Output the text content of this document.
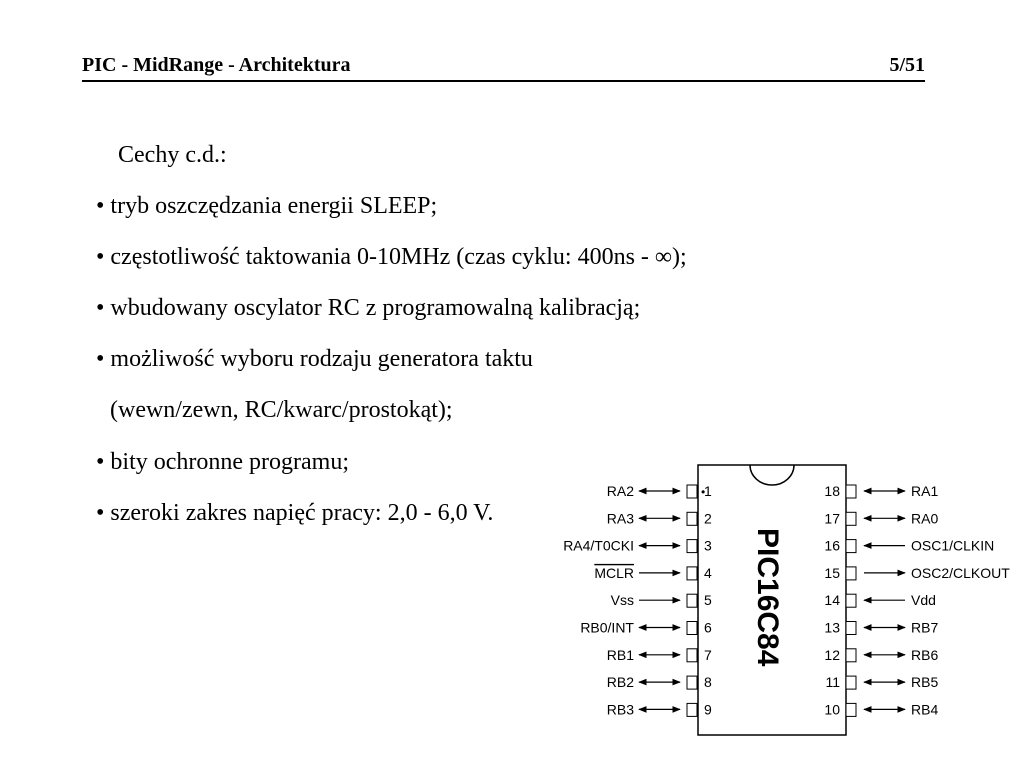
PIC - MidRange - Architektura	5/51
Cechy c.d.:
• tryb oszczędzania energii SLEEP;
• częstotliwość taktowania 0-10MHz (czas cyklu: 400ns - ∞);
• wbudowany oscylator RC z programowalną kalibracją;
• możliwość wyboru rodzaju generatora taktu
(wewn/zewn, RC/kwarc/prostokąt);
• bity ochronne programu;
• szeroki zakres napięć pracy: 2,0 - 6,0 V.
PIC16C84
•
RA2	1
RA3	2
RA4/T0CKI	3
MCLR	4
Vss	5
RB0/INT	6
RB1	7
RB2	8
RB3	9
18	RA1
17	RA0
16	OSC1/CLKIN
15	OSC2/CLKOUT
14	Vdd
13	RB7
12	RB6
11	RB5
10	RB4
